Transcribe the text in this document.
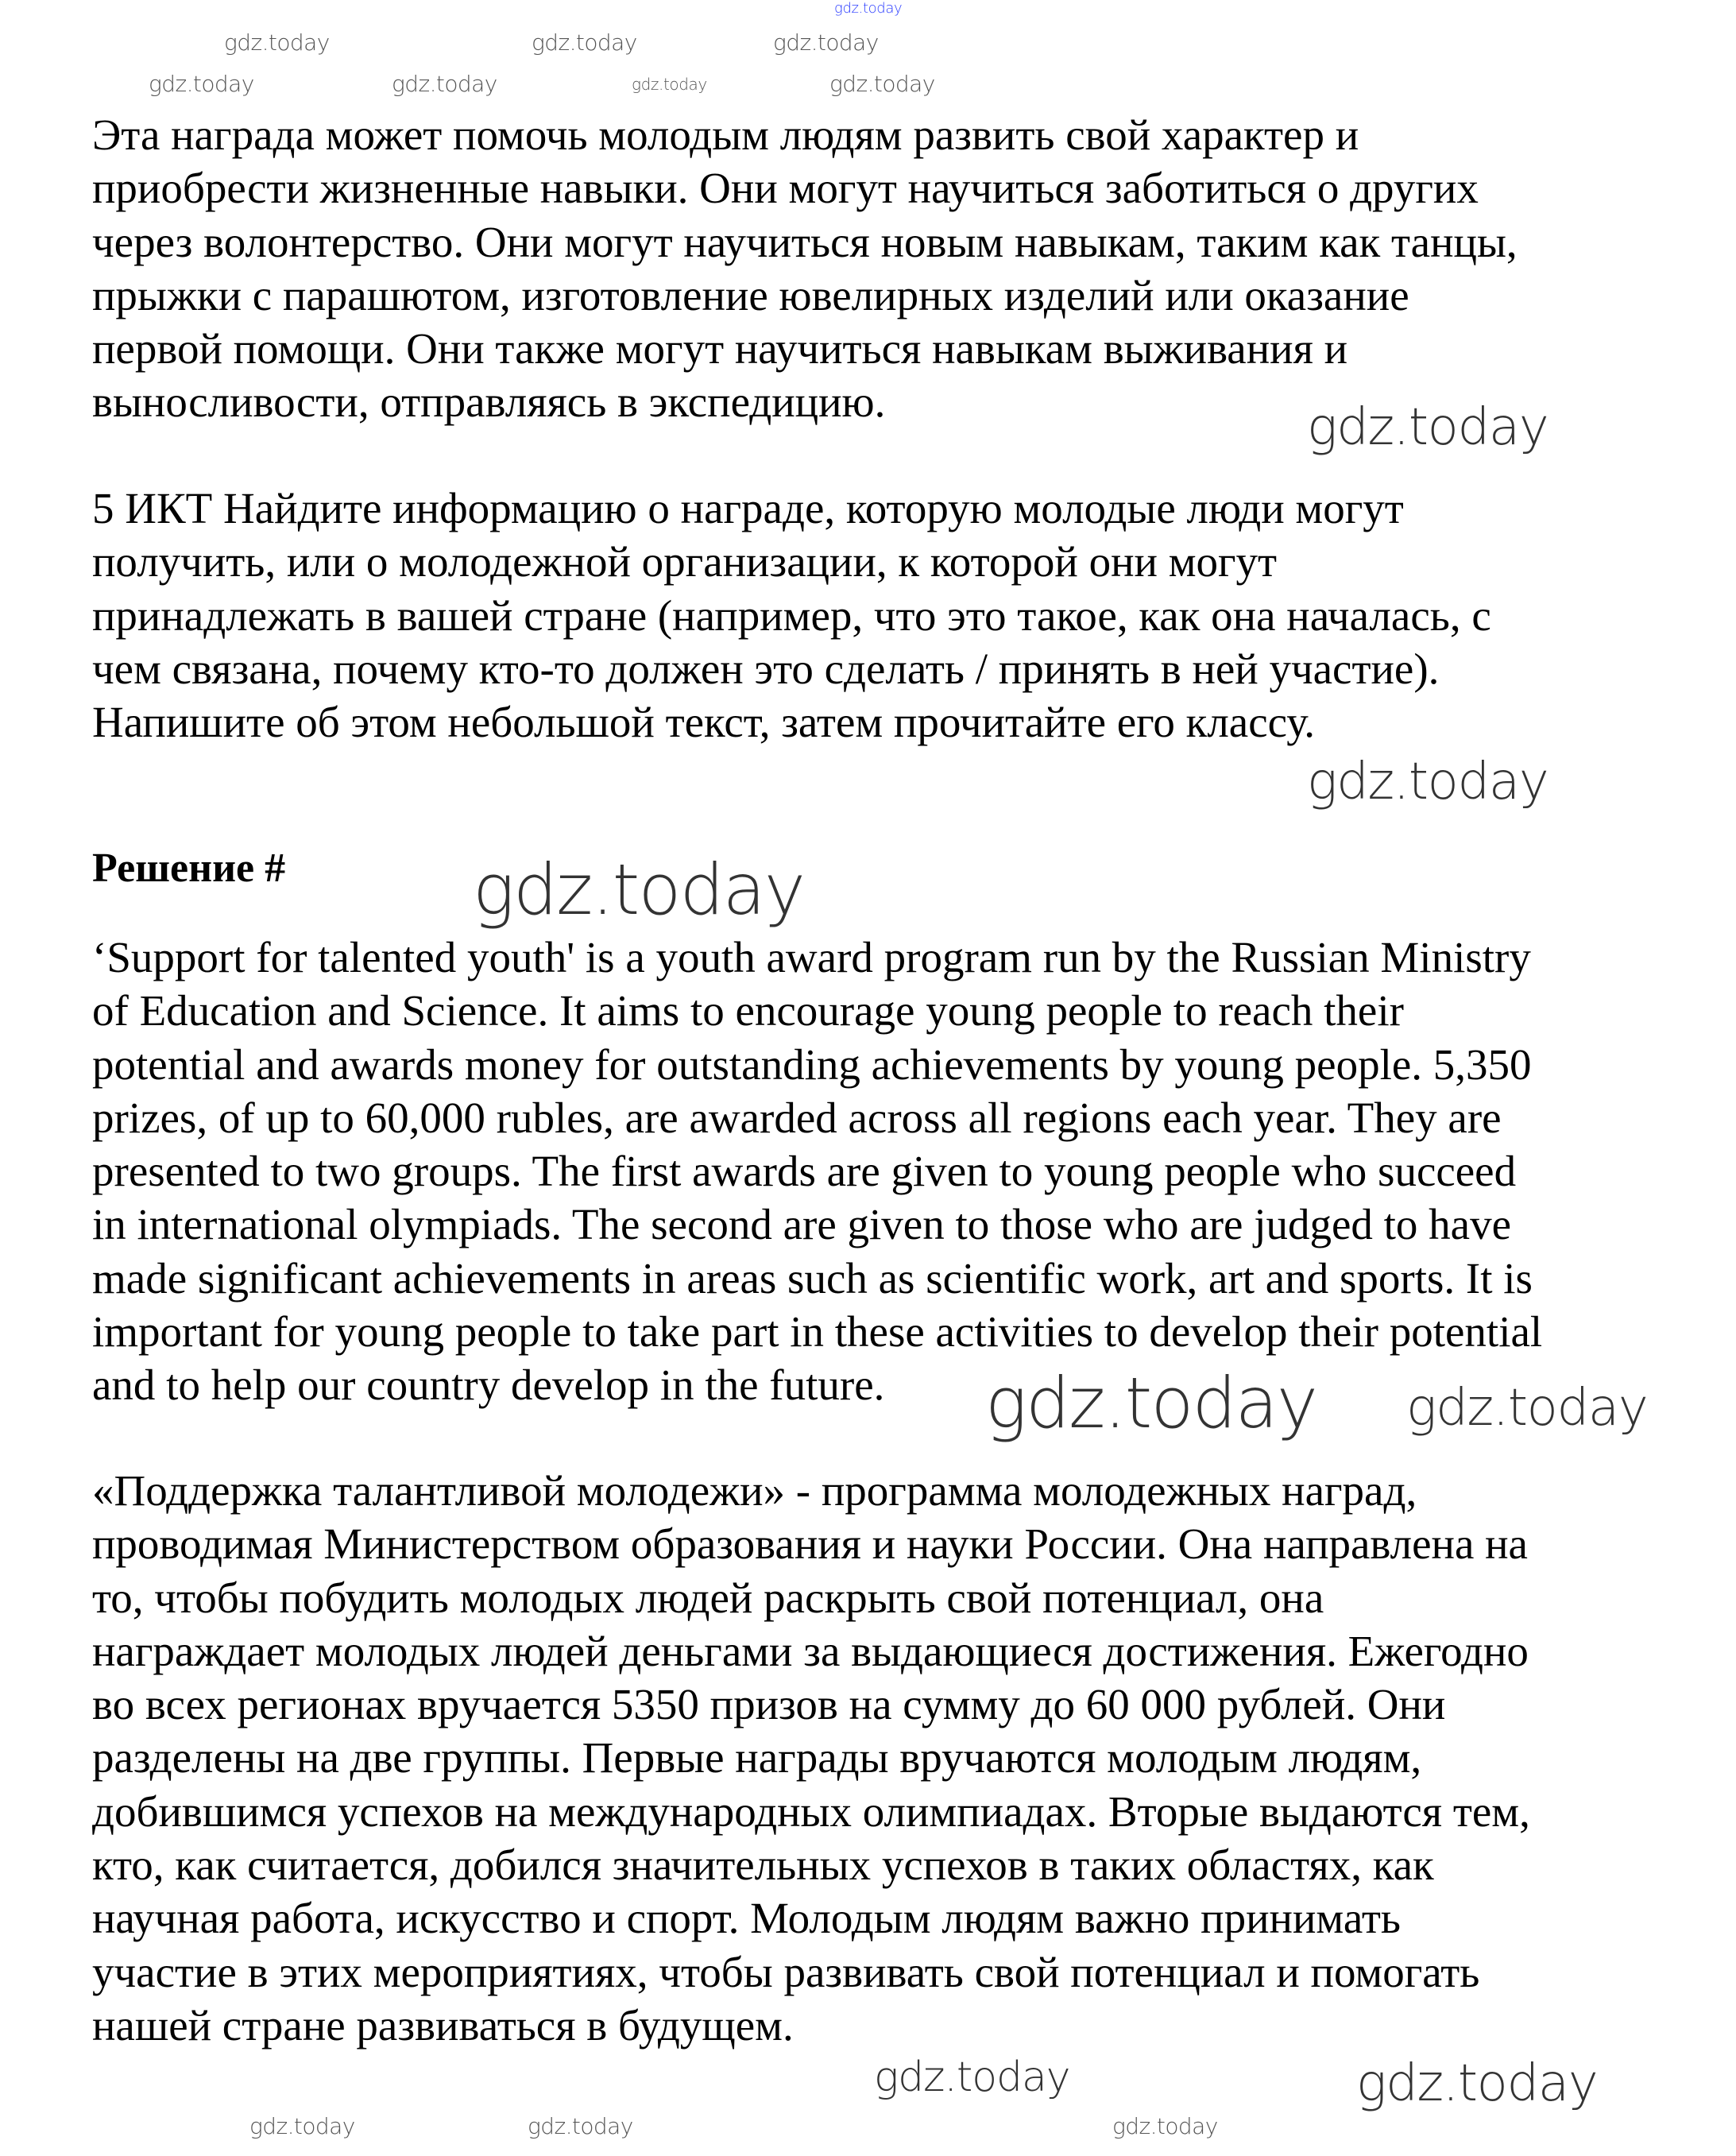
gdz.today
Эта награда может помочь молодым людям развить свой характер и
приобрести жизненные навыки. Они могут научиться заботиться о других
через волонтерство. Они могут научиться новым навыкам, таким как танцы,
прыжки с парашютом, изготовление ювелирных изделий или оказание
первой помощи. Они также могут научиться навыкам выживания и
выносливости, отправляясь в экспедицию.
5 ИКТ Найдите информацию о награде, которую молодые люди могут
получить, или о молодежной организации, к которой они могут
принадлежать в вашей стране (например, что это такое, как она началась, с
чем связана, почему кто-то должен это сделать / принять в ней участие).
Напишите об этом небольшой текст, затем прочитайте его классу.
Решение #
‘Support for talented youth' is a youth award program run by the Russian Ministry
of Education and Science. It aims to encourage young people to reach their
potential and awards money for outstanding achievements by young people. 5,350
prizes, of up to 60,000 rubles, are awarded across all regions each year. They are
presented to two groups. The first awards are given to young people who succeed
in international olympiads. The second are given to those who are judged to have
made significant achievements in areas such as scientific work, art and sports. It is
important for young people to take part in these activities to develop their potential
and to help our country develop in the future.
«Поддержка талантливой молодежи» - программа молодежных наград,
проводимая Министерством образования и науки России. Она направлена на
то, чтобы побудить молодых людей раскрыть свой потенциал, она
награждает молодых людей деньгами за выдающиеся достижения. Ежегодно
во всех регионах вручается 5350 призов на сумму до 60 000 рублей. Они
разделены на две группы. Первые награды вручаются молодым людям,
добившимся успехов на международных олимпиадах. Вторые выдаются тем,
кто, как считается, добился значительных успехов в таких областях, как
научная работа, искусство и спорт. Молодым людям важно принимать
участие в этих мероприятиях, чтобы развивать свой потенциал и помогать
нашей стране развиваться в будущем.
gdz.today	gdz.today	gdz.today
gdz.today	gdz.today	gdz.today	gdz.today
gdz.today
gdz.today
gdz.today
gdz.today gdz.today
gdz.today	gdz.today	gdz.today
gdz.today	gdz.today
